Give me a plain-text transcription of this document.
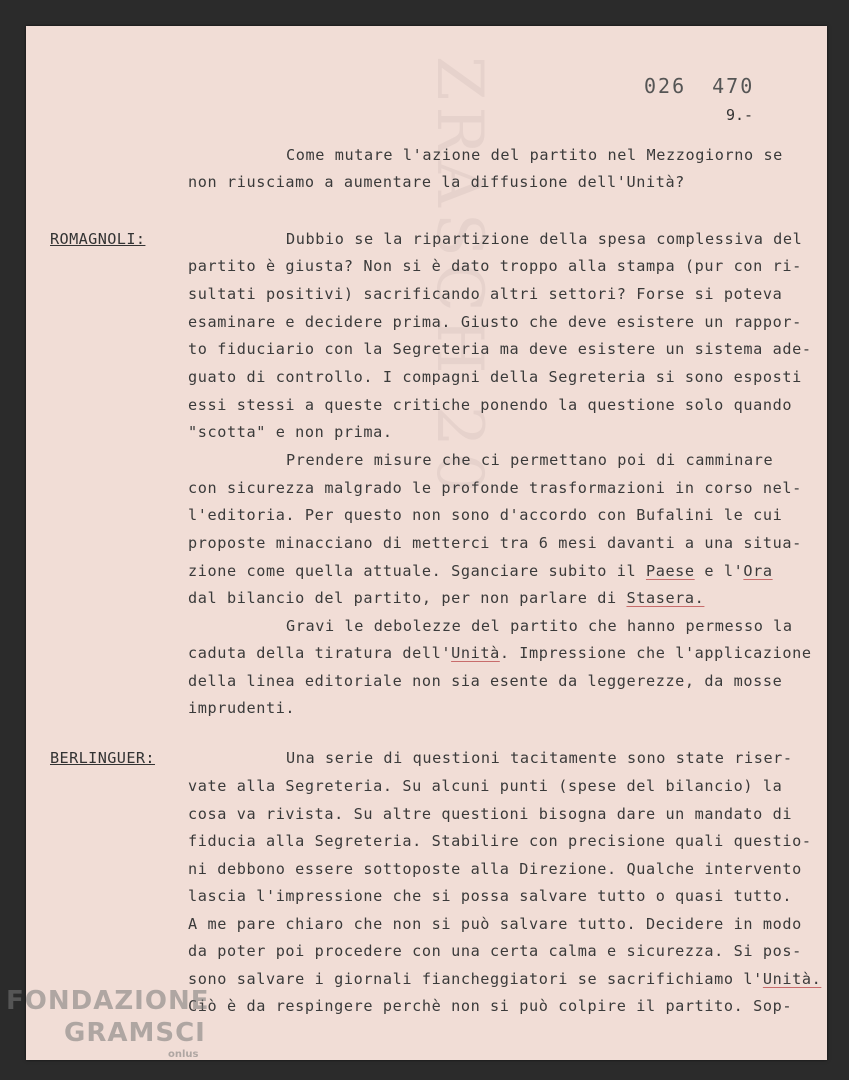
ZRASCH 20	026 470

9.-

Come mutare l'azione del partito nel Mezzogiorno se

non riusciamo a aumentare la diffusione dell'Unità?

ROMAGNOLI:	Dubbio se la ripartizione della spesa complessiva del

partito è giusta? Non si è dato troppo alla stampa (pur con ri-

sultati positivi) sacrificando altri settori? Forse si poteva

esaminare e decidere prima. Giusto che deve esistere un rappor-

to fiduciario con la Segreteria ma deve esistere un sistema ade-

guato di controllo. I compagni della Segreteria si sono esposti

essi stessi a queste critiche ponendo la questione solo quando

"scotta" e non prima.

Prendere misure che ci permettano poi di camminare

con sicurezza malgrado le profonde trasformazioni in corso nel-

l'editoria. Per questo non sono d'accordo con Bufalini le cui

proposte minacciano di metterci tra 6 mesi davanti a una situa-

zione come quella attuale. Sganciare subito il Paese e l'Ora

dal bilancio del partito, per non parlare di Stasera.

Gravi le debolezze del partito che hanno permesso la

caduta della tiratura dell'Unità. Impressione che l'applicazione

della linea editoriale non sia esente da leggerezze, da mosse

imprudenti.

BERLINGUER:	Una serie di questioni tacitamente sono state riser-

vate alla Segreteria. Su alcuni punti (spese del bilancio) la

cosa va rivista. Su altre questioni bisogna dare un mandato di

fiducia alla Segreteria. Stabilire con precisione quali questio-

ni debbono essere sottoposte alla Direzione. Qualche intervento

lascia l'impressione che si possa salvare tutto o quasi tutto.

A me pare chiaro che non si può salvare tutto. Decidere in modo

da poter poi procedere con una certa calma e sicurezza. Si pos-

sono salvare i giornali fiancheggiatori se sacrifichiamo l'Unità.

Ciò è da respingere perchè non si può colpire il partito. Sop-

FONDAZIONE
GRAMSCI
onlus
